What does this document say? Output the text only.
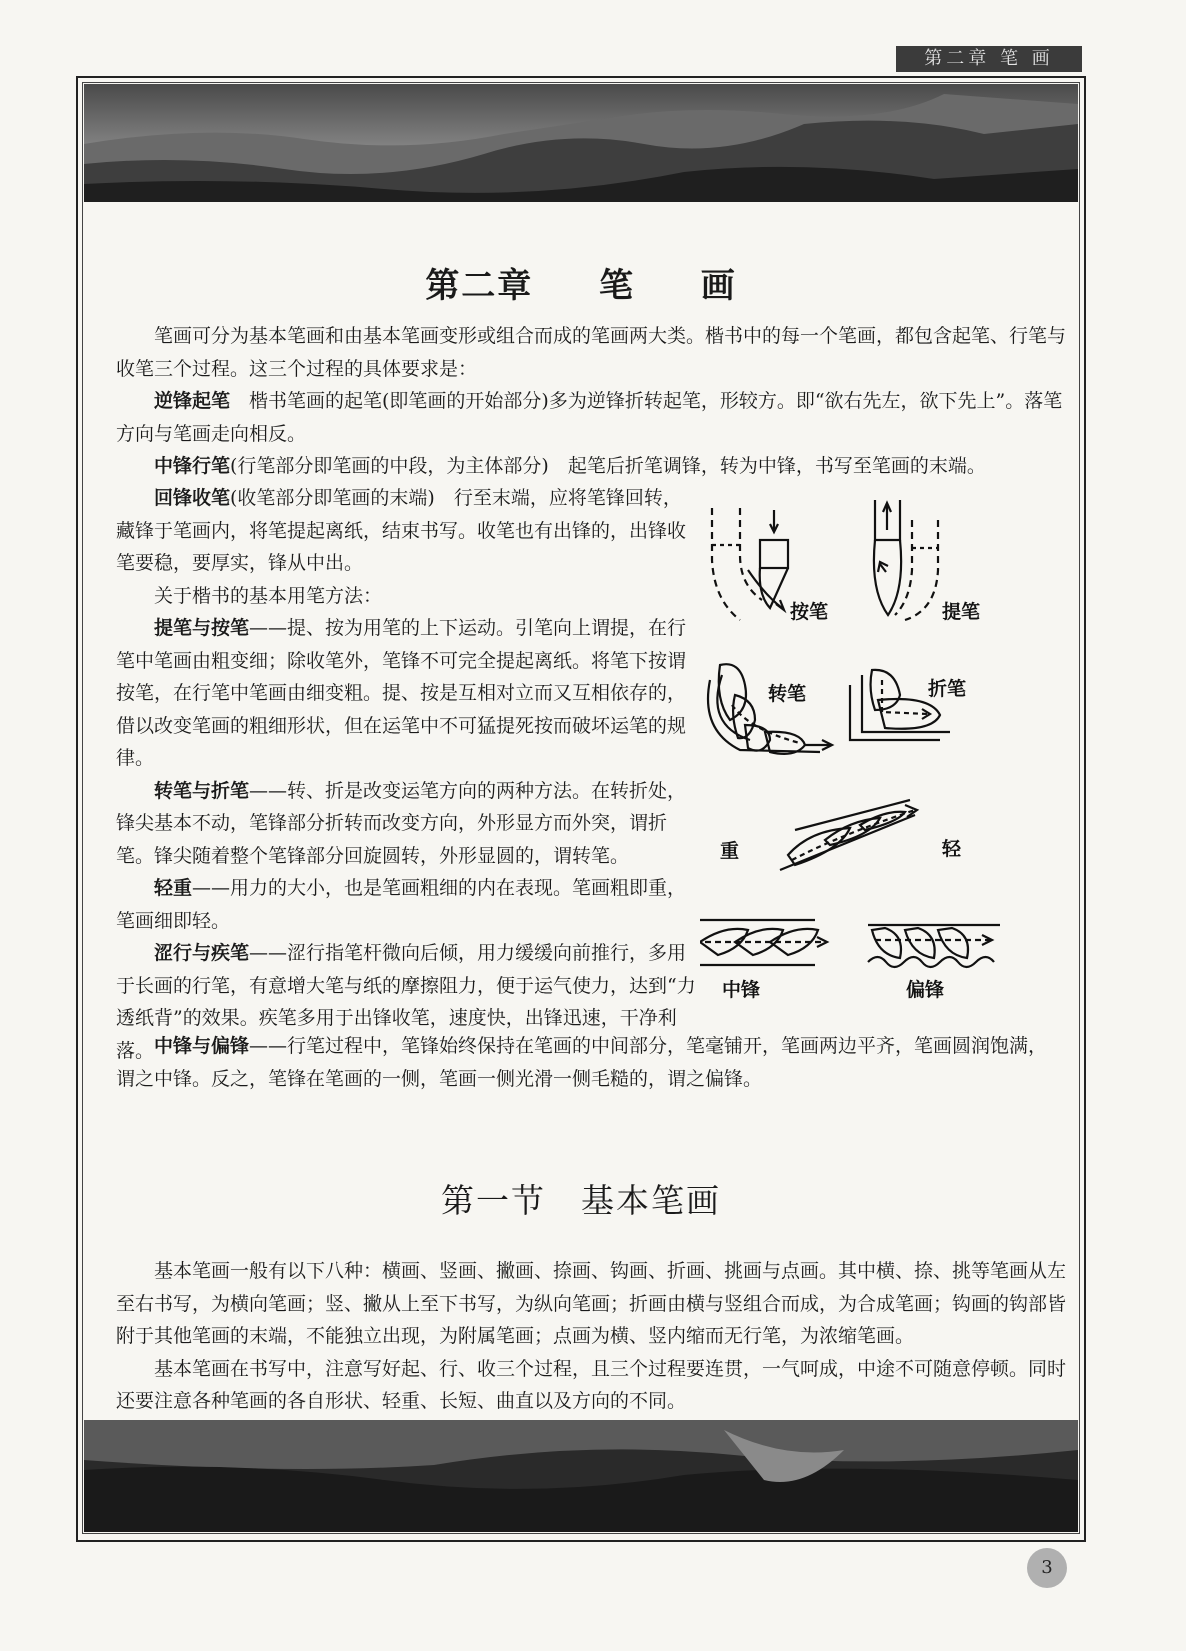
第二章 笔 画
第二章 笔 画

笔画可分为基本笔画和由基本笔画变形或组合而成的笔画两大类。楷书中的每一个笔画，都包含起笔、行笔与收笔三个过程。这三个过程的具体要求是：

逆锋起笔　楷书笔画的起笔(即笔画的开始部分)多为逆锋折转起笔，形较方。即“欲右先左，欲下先上”。落笔方向与笔画走向相反。

中锋行笔(行笔部分即笔画的中段，为主体部分)　起笔后折笔调锋，转为中锋，书写至笔画的末端。

回锋收笔(收笔部分即笔画的末端)　行至末端，应将笔锋回转，藏锋于笔画内，将笔提起离纸，结束书写。收笔也有出锋的，出锋收笔要稳，要厚实，锋从中出。

关于楷书的基本用笔方法：

提笔与按笔——提、按为用笔的上下运动。引笔向上谓提，在行笔中笔画由粗变细；除收笔外，笔锋不可完全提起离纸。将笔下按谓按笔，在行笔中笔画由细变粗。提、按是互相对立而又互相依存的，借以改变笔画的粗细形状，但在运笔中不可猛提死按而破坏运笔的规律。

转笔与折笔——转、折是改变运笔方向的两种方法。在转折处，锋尖基本不动，笔锋部分折转而改变方向，外形显方而外突，谓折笔。锋尖随着整个笔锋部分回旋圆转，外形显圆的，谓转笔。

轻重——用力的大小，也是笔画粗细的内在表现。笔画粗即重，笔画细即轻。

涩行与疾笔——涩行指笔杆微向后倾，用力缓缓向前推行，多用于长画的行笔，有意增大笔与纸的摩擦阻力，便于运气使力，达到“力透纸背”的效果。疾笔多用于出锋收笔，速度快，出锋迅速，干净利落。 中锋与偏锋——行笔过程中，笔锋始终保持在笔画的中间部分，笔毫铺开，笔画两边平齐，笔画圆润饱满，谓之中锋。反之，笔锋在笔画的一侧，笔画一侧光滑一侧毛糙的，谓之偏锋。

按笔	提笔
转笔	折笔
重	轻
中锋	偏锋
第一节　基本笔画

基本笔画一般有以下八种：横画、竖画、撇画、捺画、钩画、折画、挑画与点画。其中横、捺、挑等笔画从左至右书写，为横向笔画；竖、撇从上至下书写，为纵向笔画；折画由横与竖组合而成，为合成笔画；钩画的钩部皆附于其他笔画的末端，不能独立出现，为附属笔画；点画为横、竖内缩而无行笔，为浓缩笔画。

基本笔画在书写中，注意写好起、行、收三个过程，且三个过程要连贯，一气呵成，中途不可随意停顿。同时还要注意各种笔画的各自形状、轻重、长短、曲直以及方向的不同。

3
